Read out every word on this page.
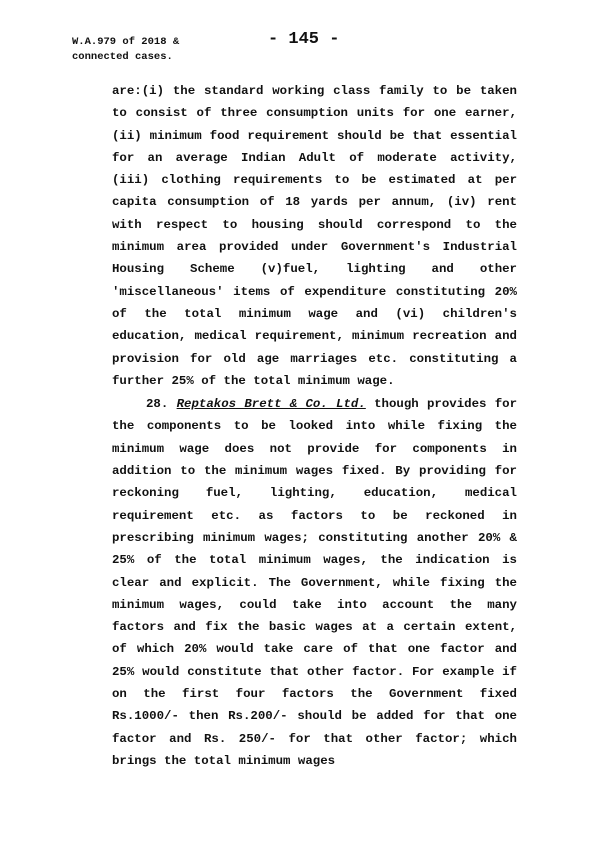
W.A.979 of 2018 &
connected cases.
- 145 -

are:(i) the standard working class family to be taken to consist of three consumption units for one earner, (ii) minimum food requirement should be that essential for an average Indian Adult of moderate activity, (iii) clothing requirements to be estimated at per capita consumption of 18 yards per annum, (iv) rent with respect to housing should correspond to the minimum area provided under Government's Industrial Housing Scheme (v)fuel, lighting and other 'miscellaneous' items of expenditure constituting 20% of the total minimum wage and (vi) children's education, medical requirement, minimum recreation and provision for old age marriages etc. constituting a further 25% of the total minimum wage.

28. Reptakos Brett & Co. Ltd. though provides for the components to be looked into while fixing the minimum wage does not provide for components in addition to the minimum wages fixed. By providing for reckoning fuel, lighting, education, medical requirement etc. as factors to be reckoned in prescribing minimum wages; constituting another 20% & 25% of the total minimum wages, the indication is clear and explicit. The Government, while fixing the minimum wages, could take into account the many factors and fix the basic wages at a certain extent, of which 20% would take care of that one factor and 25% would constitute that other factor. For example if on the first four factors the Government fixed Rs.1000/- then Rs.200/- should be added for that one factor and Rs. 250/- for that other factor; which brings the total minimum wages
